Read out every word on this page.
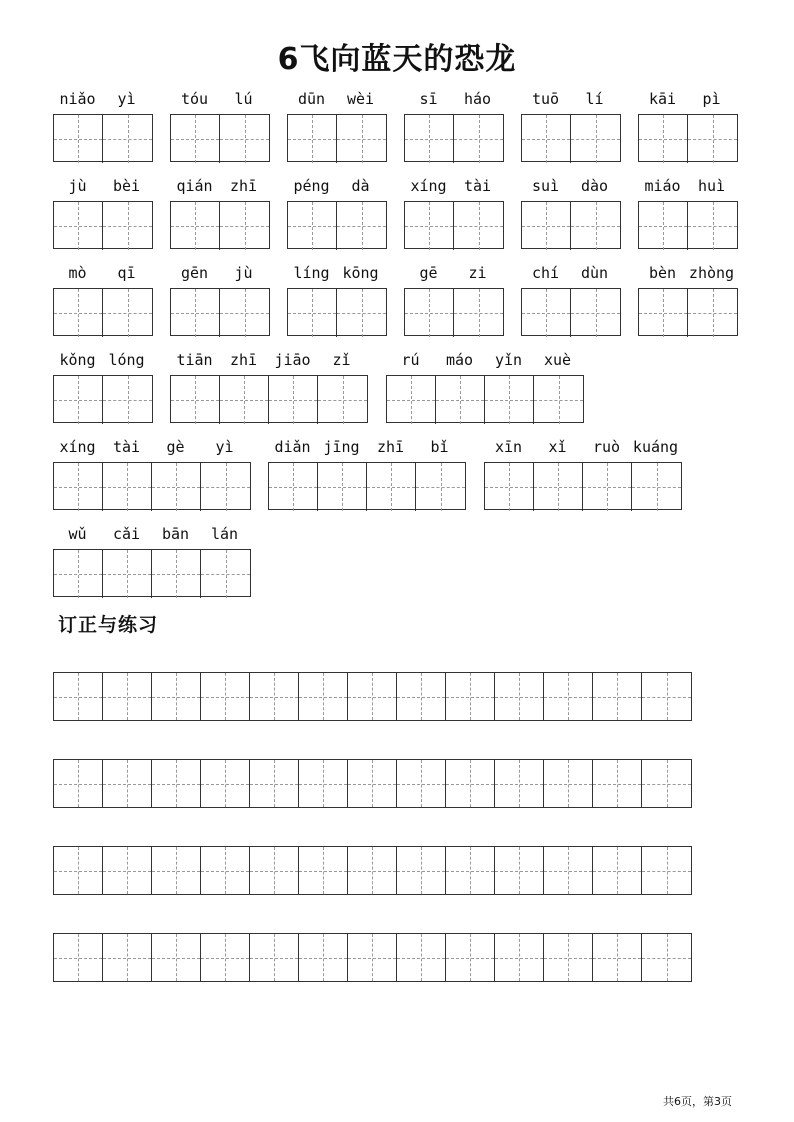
6飞向蓝天的恐龙
niǎo	yì	tóu	lú	dūn	wèi	sī	háo	tuō	lí	kāi	pì
jù	bèi	qián	zhī	péng	dà	xíng	tài	suì	dào	miáo	huì
mò	qī	gēn	jù	líng kōng	gē	zi	chí	dùn	bèn zhòng
kǒng lóng	tiān	zhī	jiāo	zǐ	rú	máo	yǐn	xuè
xíng	tài	gè	yì	diǎn jīng	zhī	bǐ	xīn	xǐ	ruò kuáng
wǔ	cǎi	bān	lán
订正与练习
共6页，第3页
